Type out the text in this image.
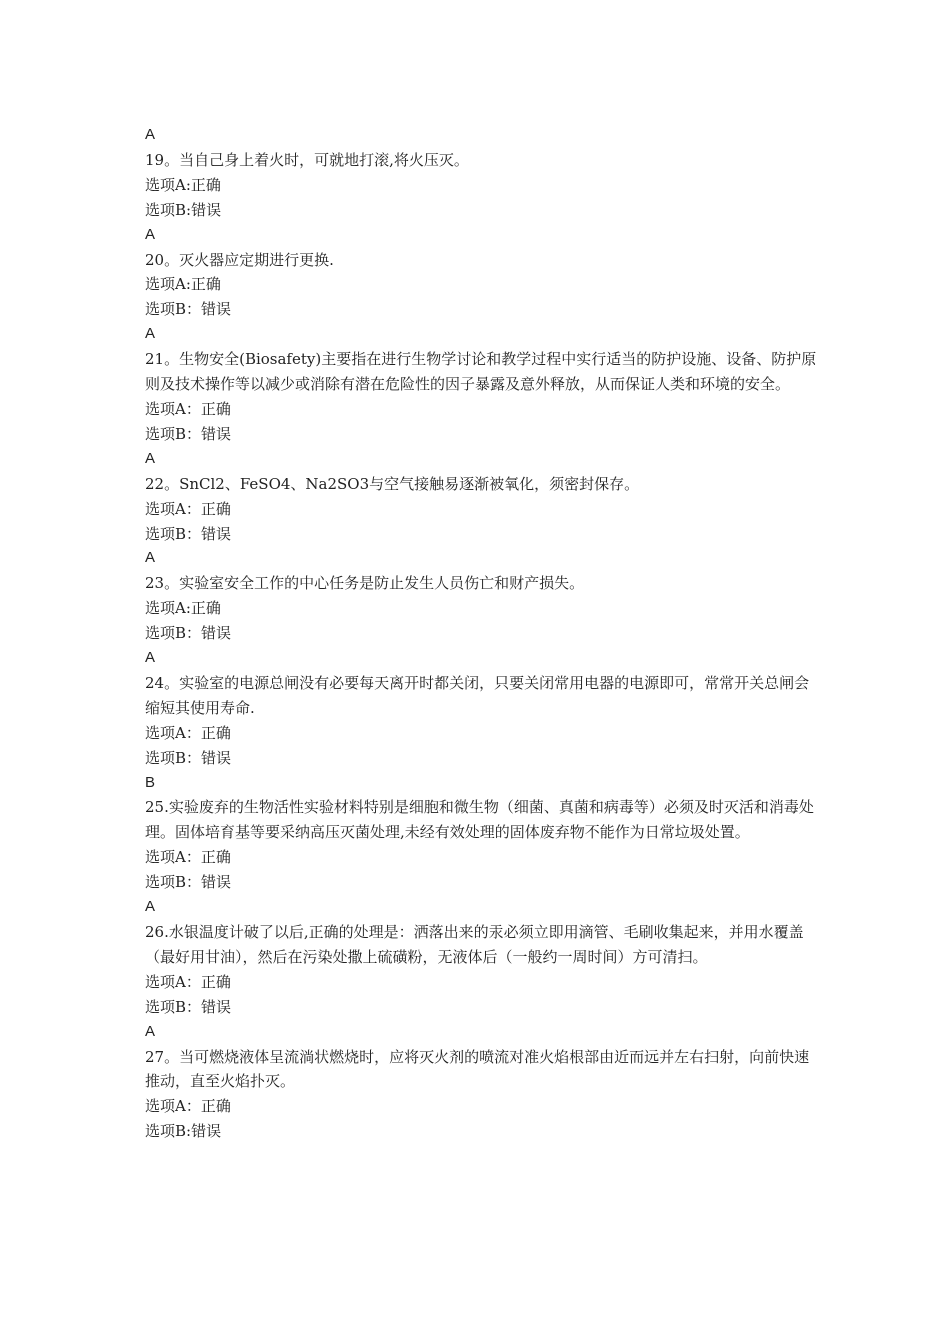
A

19。当自己身上着火时，可就地打滚,将火压灭。

选项A:正确

选项B:错误

A

20。灭火器应定期进行更换.

选项A:正确

选项B：错误

A

21。生物安全(Biosafety)主要指在进行生物学讨论和教学过程中实行适当的防护设施、设备、防护原则及技术操作等以减少或消除有潜在危险性的因子暴露及意外释放，从而保证人类和环境的安全。

选项A：正确

选项B：错误

A

22。SnCl2、FeSO4、Na2SO3与空气接触易逐渐被氧化，须密封保存。

选项A：正确

选项B：错误

A

23。实验室安全工作的中心任务是防止发生人员伤亡和财产损失。

选项A:正确

选项B：错误

A

24。实验室的电源总闸没有必要每天离开时都关闭，只要关闭常用电器的电源即可，常常开关总闸会缩短其使用寿命.

选项A：正确

选项B：错误

B

25.实验废弃的生物活性实验材料特别是细胞和微生物（细菌、真菌和病毒等）必须及时灭活和消毒处理。固体培育基等要采纳高压灭菌处理,未经有效处理的固体废弃物不能作为日常垃圾处置。

选项A：正确

选项B：错误

A

26.水银温度计破了以后,正确的处理是：洒落出来的汞必须立即用滴管、毛刷收集起来，并用水覆盖（最好用甘油），然后在污染处撒上硫磺粉，无液体后（一般约一周时间）方可清扫。

选项A：正确

选项B：错误

A

27。当可燃烧液体呈流淌状燃烧时，应将灭火剂的喷流对准火焰根部由近而远并左右扫射，向前快速推动，直至火焰扑灭。

选项A：正确

选项B:错误
